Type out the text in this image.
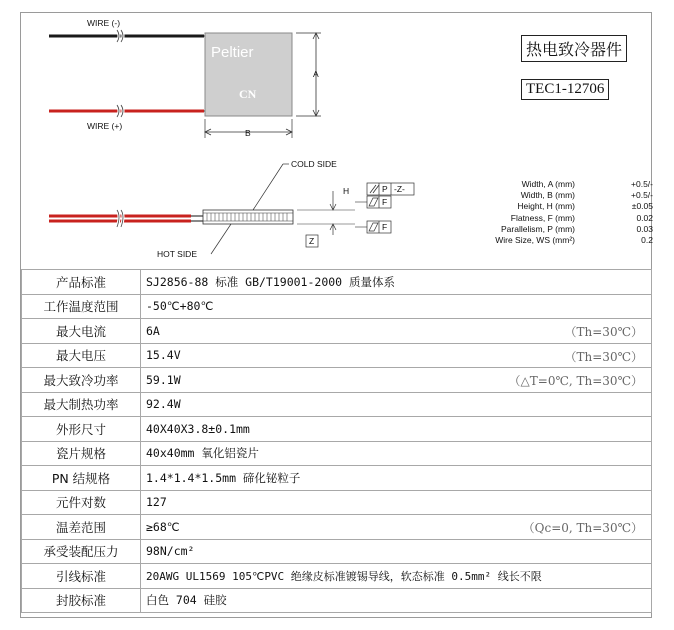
WIRE (-)
WIRE (+)
Peltier
CN
A
B
COLD SIDE
HOT SIDE
H	P -Z-
F
F
Z
热电致冷器件
TEC1-12706
Width, A (mm)	+0.5/-
Width, B (mm)	+0.5/-
Height, H (mm)	±0.05
Flatness, F (mm)	0.02
Parallelism, P (mm)	0.03
Wire Size, WS (mm²)	0.2
产品标准	SJ2856-88 标准 GB/T19001-2000 质量体系
工作温度范围	-50℃+80℃
最大电流	6A （Th=30℃）

最大电压	15.4V （Th=30℃）

最大致冷功率	59.1W （△T=0℃, Th=30℃）

最大制热功率	92.4W
外形尺寸	40X40X3.8±0.1mm
瓷片规格	40x40mm 氧化铝瓷片
PN 结规格	1.4*1.4*1.5mm 碲化铋粒子
元件对数	127
温差范围	≥68℃ （Qc=0, Th=30℃）

承受装配压力	98N/cm²
引线标准	20AWG UL1569 105℃PVC 绝缘皮标准镀锡导线，软态标准 0.5mm² 线长不限
封胶标准	白色 704 硅胶
